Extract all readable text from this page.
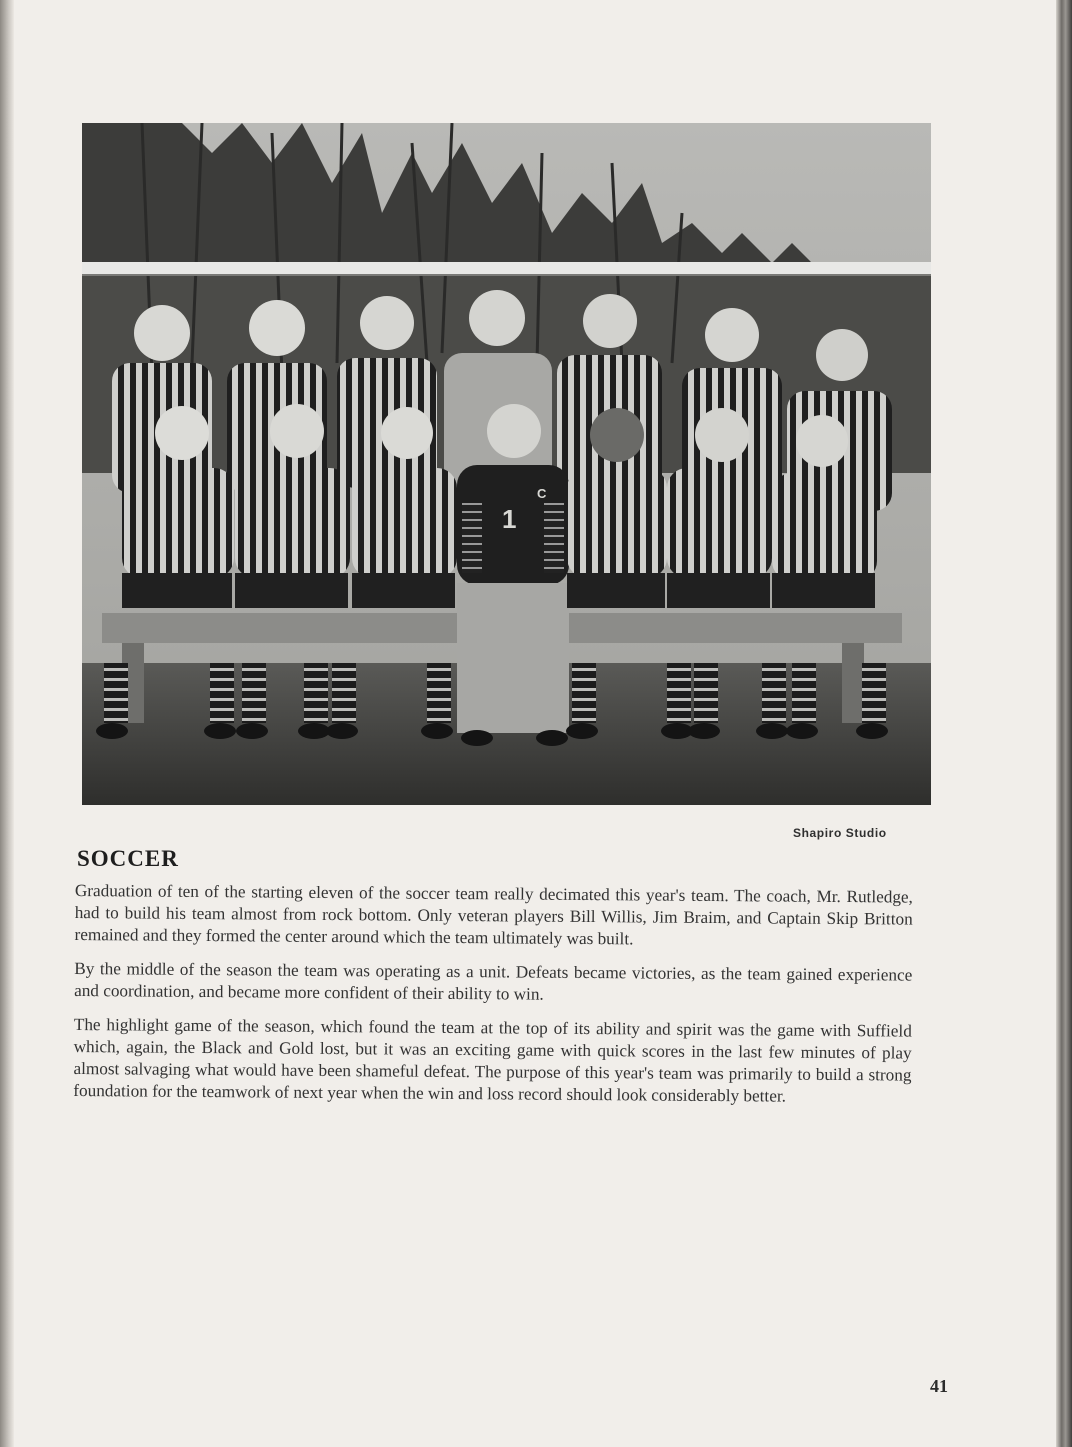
1
C
Shapiro Studio
SOCCER

Graduation of ten of the starting eleven of the soccer team really decimated this year's team. The coach, Mr. Rutledge, had to build his team almost from rock bottom. Only veteran players Bill Willis, Jim Braim, and Captain Skip Britton remained and they formed the center around which the team ultimately was built.

By the middle of the season the team was operating as a unit. Defeats became victories, as the team gained experience and coordination, and became more confident of their ability to win.

The highlight game of the season, which found the team at the top of its ability and spirit was the game with Suffield which, again, the Black and Gold lost, but it was an exciting game with quick scores in the last few minutes of play almost salvaging what would have been shameful defeat. The purpose of this year's team was primarily to build a strong foundation for the teamwork of next year when the win and loss record should look considerably better.

41
